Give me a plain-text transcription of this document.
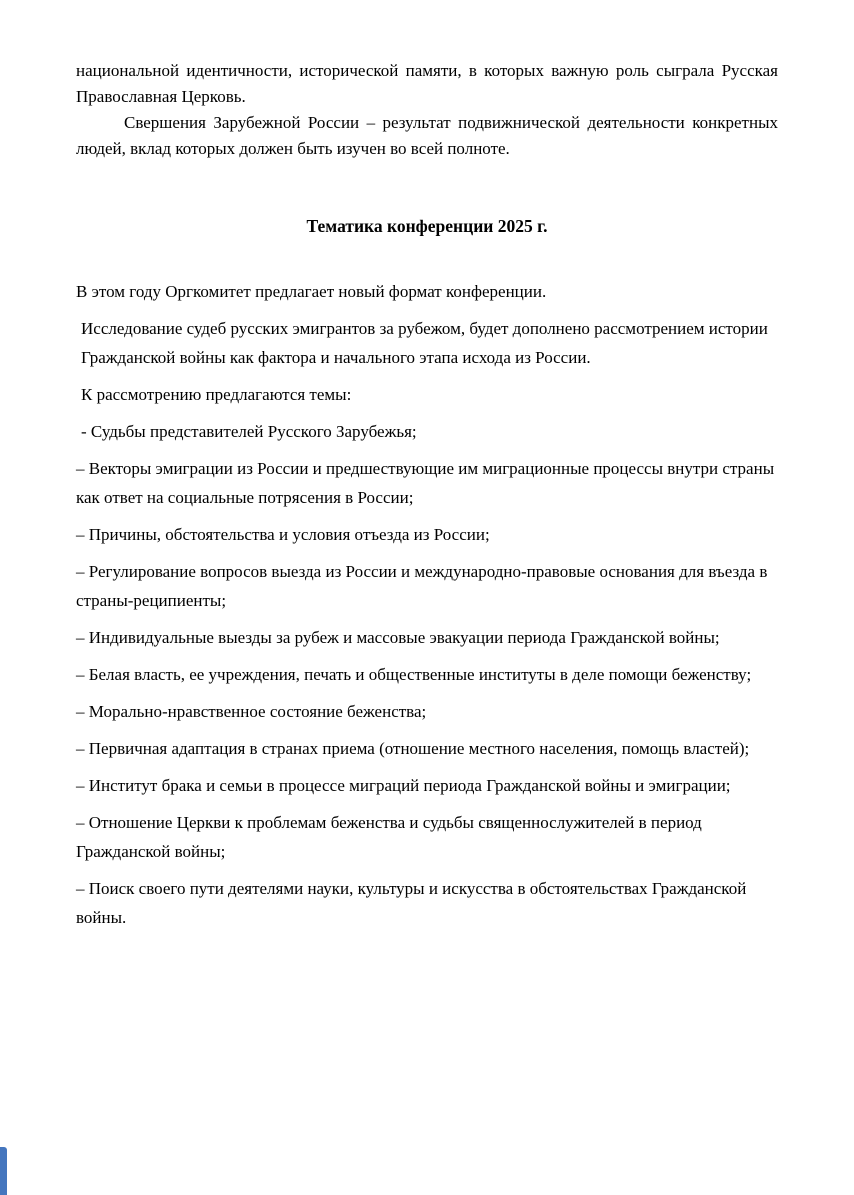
национальной идентичности, исторической памяти, в которых важную роль сыграла Русская Православная Церковь.

Свершения Зарубежной России – результат подвижнической деятельности конкретных людей, вклад которых должен быть изучен во всей полноте.

Тематика конференции 2025 г.

В этом году Оргкомитет предлагает новый формат конференции.

Исследование судеб русских эмигрантов за рубежом, будет дополнено рассмотрением истории Гражданской войны как фактора и начального этапа исхода из России.

К рассмотрению предлагаются темы:

- Судьбы представителей Русского Зарубежья;

– Векторы эмиграции из России и предшествующие им миграционные процессы внутри страны как ответ на социальные потрясения в России;

– Причины, обстоятельства и условия отъезда из России;

– Регулирование вопросов выезда из России и международно-правовые основания для въезда в страны-реципиенты;

– Индивидуальные выезды за рубеж и массовые эвакуации периода Гражданской войны;

– Белая власть, ее учреждения, печать и общественные институты в деле помощи беженству;

– Морально-нравственное состояние беженства;

– Первичная адаптация в странах приема (отношение местного населения, помощь властей);

– Институт брака и семьи в процессе миграций периода Гражданской войны и эмиграции;

– Отношение Церкви к проблемам беженства и судьбы священнослужителей в период Гражданской войны;

– Поиск своего пути деятелями науки, культуры и искусства в обстоятельствах Гражданской войны.
